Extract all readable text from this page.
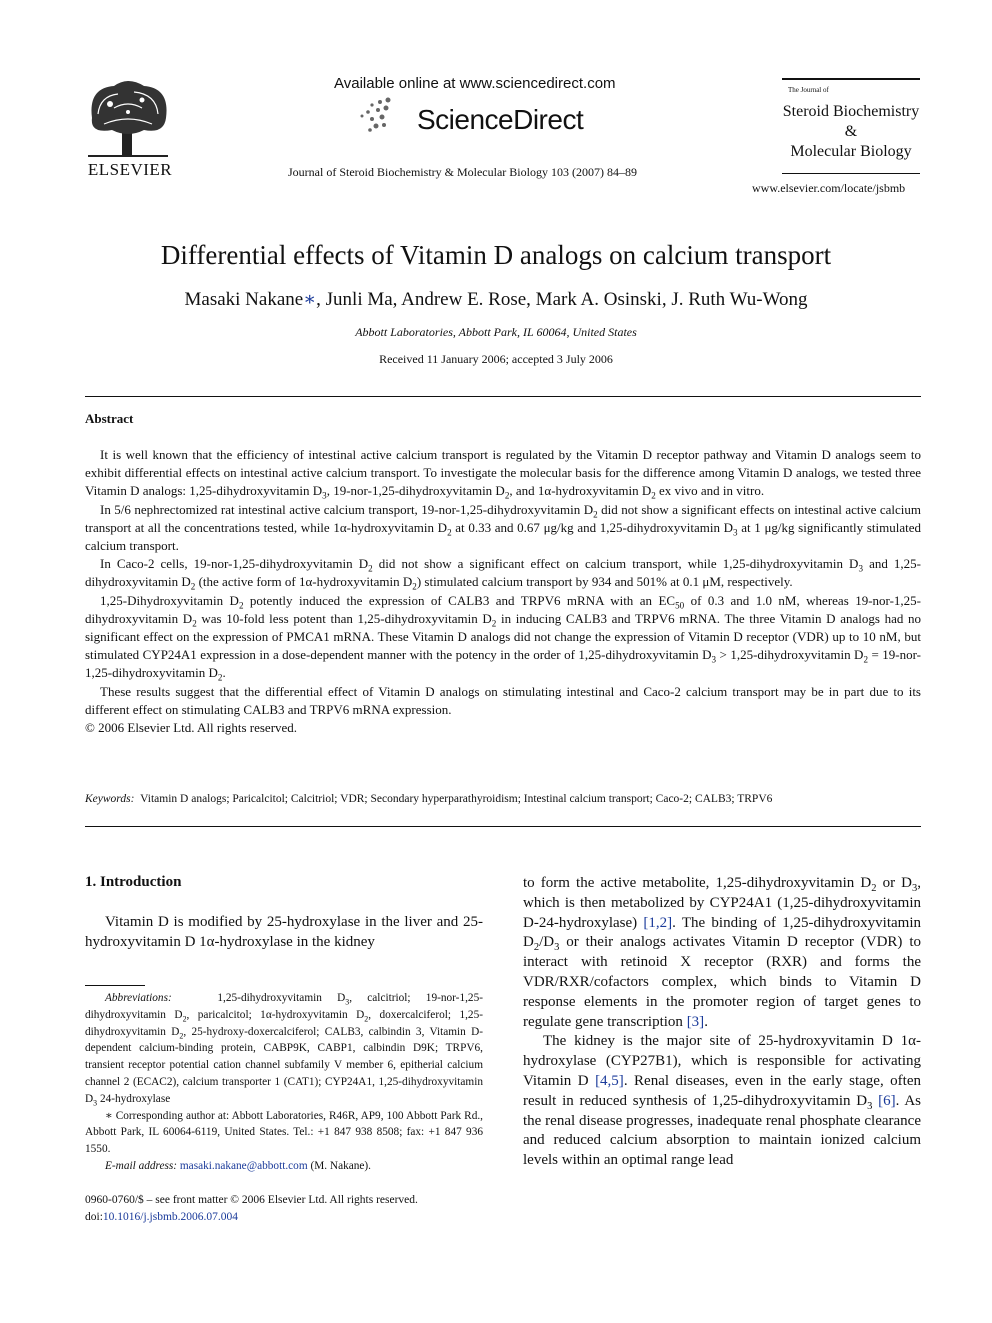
ELSEVIER
Available online at www.sciencedirect.com
ScienceDirect
Journal of Steroid Biochemistry & Molecular Biology 103 (2007) 84–89
The Journal of
Steroid Biochemistry
&
Molecular Biology
www.elsevier.com/locate/jsbmb
Differential effects of Vitamin D analogs on calcium transport
Masaki Nakane∗, Junli Ma, Andrew E. Rose, Mark A. Osinski, J. Ruth Wu-Wong
Abbott Laboratories, Abbott Park, IL 60064, United States
Received 11 January 2006; accepted 3 July 2006
Abstract

It is well known that the efficiency of intestinal active calcium transport is regulated by the Vitamin D receptor pathway and Vitamin D analogs seem to exhibit differential effects on intestinal active calcium transport. To investigate the molecular basis for the difference among Vitamin D analogs, we tested three Vitamin D analogs: 1,25-dihydroxyvitamin $D_3$, 19-nor-1,25-dihydroxyvitamin $D_2$, and 1α-hydroxyvitamin $D_2$ ex vivo and in vitro.

In 5/6 nephrectomized rat intestinal active calcium transport, 19-nor-1,25-dihydroxyvitamin $D_2$ did not show a significant effects on intestinal active calcium transport at all the concentrations tested, while 1α-hydroxyvitamin $D_2$ at 0.33 and 0.67 μg/kg and 1,25-dihydroxyvitamin $D_3$ at 1 μg/kg significantly stimulated calcium transport.

In Caco-2 cells, 19-nor-1,25-dihydroxyvitamin $D_2$ did not show a significant effect on calcium transport, while 1,25-dihydroxyvitamin $D_3$ and 1,25-dihydroxyvitamin $D_2$ (the active form of 1α-hydroxyvitamin $D_2$) stimulated calcium transport by 934 and 501% at 0.1 μM, respectively.

1,25-Dihydroxyvitamin $D_2$ potently induced the expression of CALB3 and TRPV6 mRNA with an $EC_{50}$ of 0.3 and 1.0 nM, whereas 19-nor-1,25-dihydroxyvitamin $D_2$ was 10-fold less potent than 1,25-dihydroxyvitamin $D_2$ in inducing CALB3 and TRPV6 mRNA. The three Vitamin D analogs had no significant effect on the expression of PMCA1 mRNA. These Vitamin D analogs did not change the expression of Vitamin D receptor (VDR) up to 10 nM, but stimulated CYP24A1 expression in a dose-dependent manner with the potency in the order of 1,25-dihydroxyvitamin $D_3$ > 1,25-dihydroxyvitamin $D_2$ = 19-nor-1,25-dihydroxyvitamin $D_2$.

These results suggest that the differential effect of Vitamin D analogs on stimulating intestinal and Caco-2 calcium transport may be in part due to its different effect on stimulating CALB3 and TRPV6 mRNA expression.

© 2006 Elsevier Ltd. All rights reserved.

Keywords: Vitamin D analogs; Paricalcitol; Calcitriol; VDR; Secondary hyperparathyroidism; Intestinal calcium transport; Caco-2; CALB3; TRPV6
1. Introduction

Vitamin D is modified by 25-hydroxylase in the liver and 25-hydroxyvitamin D 1α-hydroxylase in the kidney

Abbreviations:   1,25-dihydroxyvitamin $D_3$, calcitriol; 19-nor-1,25-dihydroxyvitamin $D_2$, paricalcitol; 1α-hydroxyvitamin $D_2$, doxercalciferol; 1,25-dihydroxyvitamin $D_2$, 25-hydroxy-doxercalciferol; CALB3, calbindin 3, Vitamin D-dependent calcium-binding protein, CABP9K, CABP1, calbindin D9K; TRPV6, transient receptor potential cation channel subfamily V member 6, epitherial calcium channel 2 (ECAC2), calcium transporter 1 (CAT1); CYP24A1, 1,25-dihydroxyvitamin $D_3$ 24-hydroxylase

∗ Corresponding author at: Abbott Laboratories, R46R, AP9, 100 Abbott Park Rd., Abbott Park, IL 60064-6119, United States. Tel.: +1 847 938 8508; fax: +1 847 936 1550.

E-mail address: masaki.nakane@abbott.com (M. Nakane).

0960-0760/$ – see front matter © 2006 Elsevier Ltd. All rights reserved.
doi:10.1016/j.jsbmb.2006.07.004

to form the active metabolite, 1,25-dihydroxyvitamin $D_2$ or $D_3$, which is then metabolized by CYP24A1 (1,25-dihydroxyvitamin D-24-hydroxylase) [1,2]. The binding of 1,25-dihydroxyvitamin $D_2/D_3$ or their analogs activates Vitamin D receptor (VDR) to interact with retinoid X receptor (RXR) and forms the VDR/RXR/cofactors complex, which binds to Vitamin D response elements in the promoter region of target genes to regulate gene transcription [3].

The kidney is the major site of 25-hydroxyvitamin D 1α-hydroxylase (CYP27B1), which is responsible for activating Vitamin D [4,5]. Renal diseases, even in the early stage, often result in reduced synthesis of 1,25-dihydroxyvitamin $D_3$ [6]. As the renal disease progresses, inadequate renal phosphate clearance and reduced calcium absorption to maintain ionized calcium levels within an optimal range lead
